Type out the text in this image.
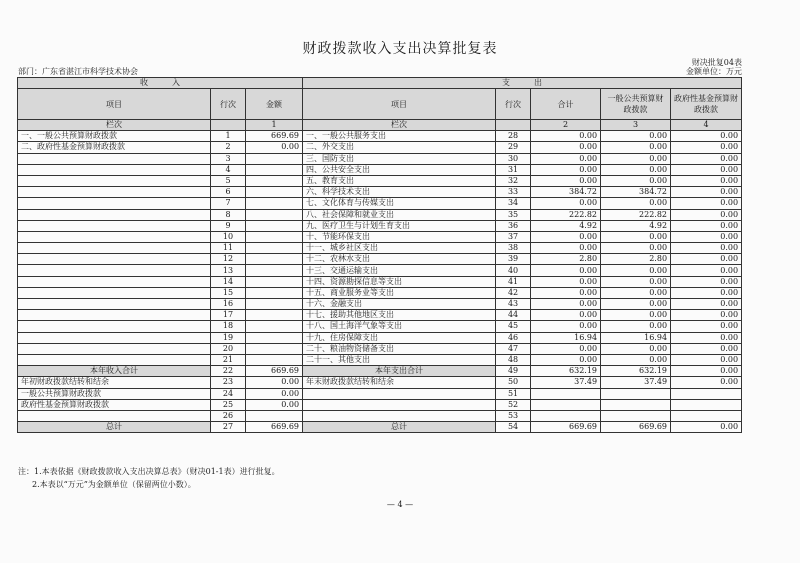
财政拨款收入支出决算批复表
财决批复04表
部门：广东省湛江市科学技术协会	金额单位：万元
收　　　入			支　　　出				
项目	行次	金额	项目	行次	合计	一般公共预算财政拨款	政府性基金预算财政拨款
栏次		1	栏次		2	3	4
一、一般公共预算财政拨款	1	669.69	一、一般公共服务支出	28	0.00	0.00	0.00
二、政府性基金预算财政拨款	2	0.00	二、外交支出	29	0.00	0.00	0.00
	3		三、国防支出	30	0.00	0.00	0.00
	4		四、公共安全支出	31	0.00	0.00	0.00
	5		五、教育支出	32	0.00	0.00	0.00
	6		六、科学技术支出	33	384.72	384.72	0.00
	7		七、文化体育与传媒支出	34	0.00	0.00	0.00
	8		八、社会保障和就业支出	35	222.82	222.82	0.00
	9		九、医疗卫生与计划生育支出	36	4.92	4.92	0.00
	10		十、节能环保支出	37	0.00	0.00	0.00
	11		十一、城乡社区支出	38	0.00	0.00	0.00
	12		十二、农林水支出	39	2.80	2.80	0.00
	13		十三、交通运输支出	40	0.00	0.00	0.00
	14		十四、资源勘探信息等支出	41	0.00	0.00	0.00
	15		十五、商业服务业等支出	42	0.00	0.00	0.00
	16		十六、金融支出	43	0.00	0.00	0.00
	17		十七、援助其他地区支出	44	0.00	0.00	0.00
	18		十八、国土海洋气象等支出	45	0.00	0.00	0.00
	19		十九、住房保障支出	46	16.94	16.94	0.00
	20		二十、粮油物资储备支出	47	0.00	0.00	0.00
	21		二十一、其他支出	48	0.00	0.00	0.00
本年收入合计	22	669.69	本年支出合计	49	632.19	632.19	0.00
年初财政拨款结转和结余	23	0.00	年末财政拨款结转和结余	50	37.49	37.49	0.00
一般公共预算财政拨款	24	0.00		51			
政府性基金预算财政拨款	25	0.00		52			
	26			53			
总计	27	669.69	总计	54	669.69	669.69	0.00
注：1.本表依据《财政拨款收入支出决算总表》（财决01-1表）进行批复。
2.本表以“万元”为金额单位（保留两位小数）。
— 4 —
